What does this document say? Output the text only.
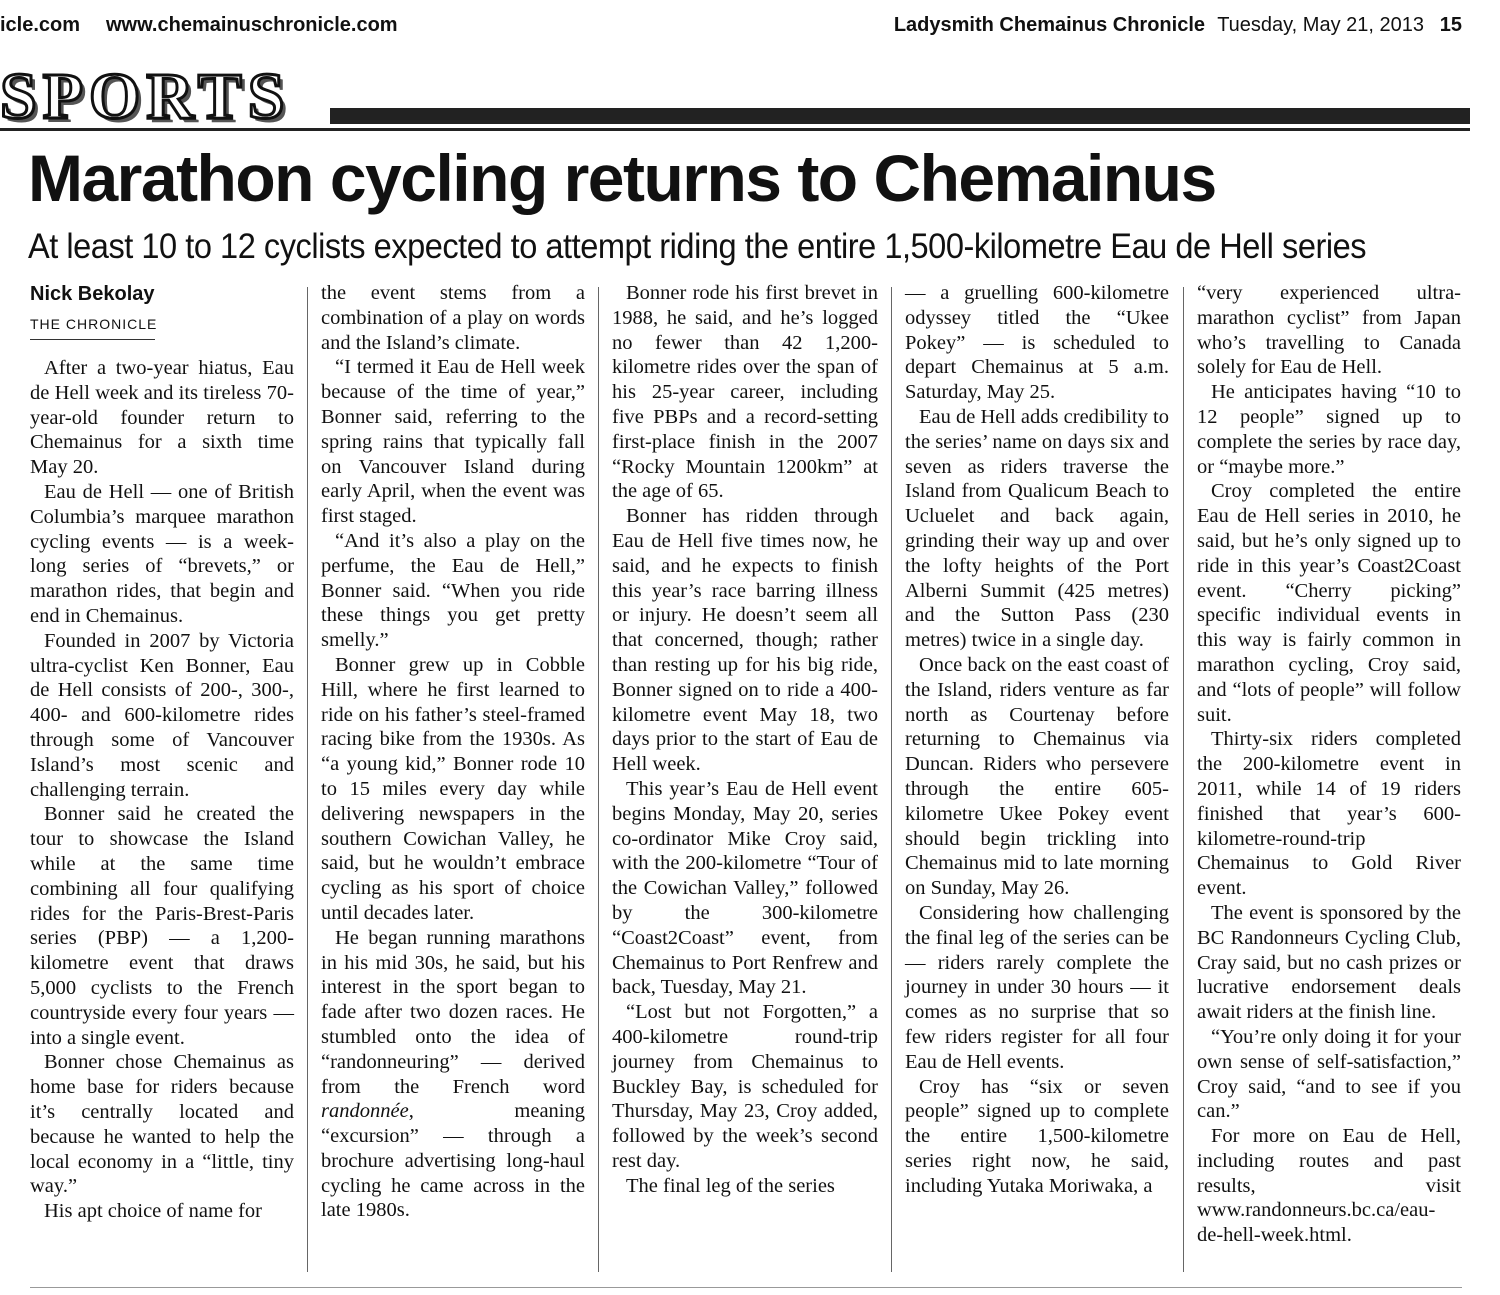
icle.com www.chemainuschronicle.com	Ladysmith Chemainus Chronicle Tuesday, May 21, 2013 15
SPORTS
Marathon cycling returns to Chemainus
At least 10 to 12 cyclists expected to attempt riding the entire 1,500-kilometre Eau de Hell series
Nick Bekolay
THE CHRONICLE

After a two-year hiatus, Eau de Hell week and its tireless 70-year-old founder return to Chemainus for a sixth time May 20.

Eau de Hell — one of British Columbia’s marquee marathon cycling events — is a week-long series of “brevets,” or marathon rides, that begin and end in Chemainus.

Founded in 2007 by Victoria ultra-cyclist Ken Bonner, Eau de Hell consists of 200-, 300-, 400- and 600-kilometre rides through some of Vancouver Island’s most scenic and challenging terrain.

Bonner said he created the tour to showcase the Island while at the same time combining all four qualifying rides for the Paris-Brest-Paris series (PBP) — a 1,200-kilometre event that draws 5,000 cyclists to the French countryside every four years — into a single event.

Bonner chose Chemainus as home base for riders because it’s centrally located and because he wanted to help the local economy in a “little, tiny way.”

His apt choice of name for

the event stems from a combination of a play on words and the Island’s climate.

“I termed it Eau de Hell week because of the time of year,” Bonner said, referring to the spring rains that typically fall on Vancouver Island during early April, when the event was first staged.

“And it’s also a play on the perfume, the Eau de Hell,” Bonner said. “When you ride these things you get pretty smelly.”

Bonner grew up in Cobble Hill, where he first learned to ride on his father’s steel-framed racing bike from the 1930s. As “a young kid,” Bonner rode 10 to 15 miles every day while delivering newspapers in the southern Cowichan Valley, he said, but he wouldn’t embrace cycling as his sport of choice until decades later.

He began running marathons in his mid 30s, he said, but his interest in the sport began to fade after two dozen races. He stumbled onto the idea of “randonneuring” — derived from the French word randonnée, meaning “excursion” — through a brochure advertising long-haul cycling he came across in the late 1980s.

Bonner rode his first brevet in 1988, he said, and he’s logged no fewer than 42 1,200-kilometre rides over the span of his 25-year career, including five PBPs and a record-setting first-place finish in the 2007 “Rocky Mountain 1200km” at the age of 65.

Bonner has ridden through Eau de Hell five times now, he said, and he expects to finish this year’s race barring illness or injury. He doesn’t seem all that concerned, though; rather than resting up for his big ride, Bonner signed on to ride a 400-kilometre event May 18, two days prior to the start of Eau de Hell week.

This year’s Eau de Hell event begins Monday, May 20, series co-ordinator Mike Croy said, with the 200-kilometre “Tour of the Cowichan Valley,” followed by the 300-kilometre “Coast2Coast” event, from Chemainus to Port Renfrew and back, Tuesday, May 21.

“Lost but not Forgotten,” a 400-kilometre round-trip journey from Chemainus to Buckley Bay, is scheduled for Thursday, May 23, Croy added, followed by the week’s second rest day.

The final leg of the series

— a gruelling 600-kilometre odyssey titled the “Ukee Pokey” — is scheduled to depart Chemainus at 5 a.m. Saturday, May 25.

Eau de Hell adds credibility to the series’ name on days six and seven as riders traverse the Island from Qualicum Beach to Ucluelet and back again, grinding their way up and over the lofty heights of the Port Alberni Summit (425 metres) and the Sutton Pass (230 metres) twice in a single day.

Once back on the east coast of the Island, riders venture as far north as Courtenay before returning to Chemainus via Duncan. Riders who persevere through the entire 605-kilometre Ukee Pokey event should begin trickling into Chemainus mid to late morning on Sunday, May 26.

Considering how challenging the final leg of the series can be — riders rarely complete the journey in under 30 hours — it comes as no surprise that so few riders register for all four Eau de Hell events.

Croy has “six or seven people” signed up to complete the entire 1,500-kilometre series right now, he said, including Yutaka Moriwaka, a

“very experienced ultra-marathon cyclist” from Japan who’s travelling to Canada solely for Eau de Hell.

He anticipates having “10 to 12 people” signed up to complete the series by race day, or “maybe more.”

Croy completed the entire Eau de Hell series in 2010, he said, but he’s only signed up to ride in this year’s Coast2Coast event. “Cherry picking” specific individual events in this way is fairly common in marathon cycling, Croy said, and “lots of people” will follow suit.

Thirty-six riders completed the 200-kilometre event in 2011, while 14 of 19 riders finished that year’s 600-kilometre-round-trip Chemainus to Gold River event.

The event is sponsored by the BC Randonneurs Cycling Club, Cray said, but no cash prizes or lucrative endorsement deals await riders at the finish line.

“You’re only doing it for your own sense of self-satisfaction,” Croy said, “and to see if you can.”

For more on Eau de Hell, including routes and past results, visit www.randonneurs.bc.ca/eau-de-hell-week.html.
